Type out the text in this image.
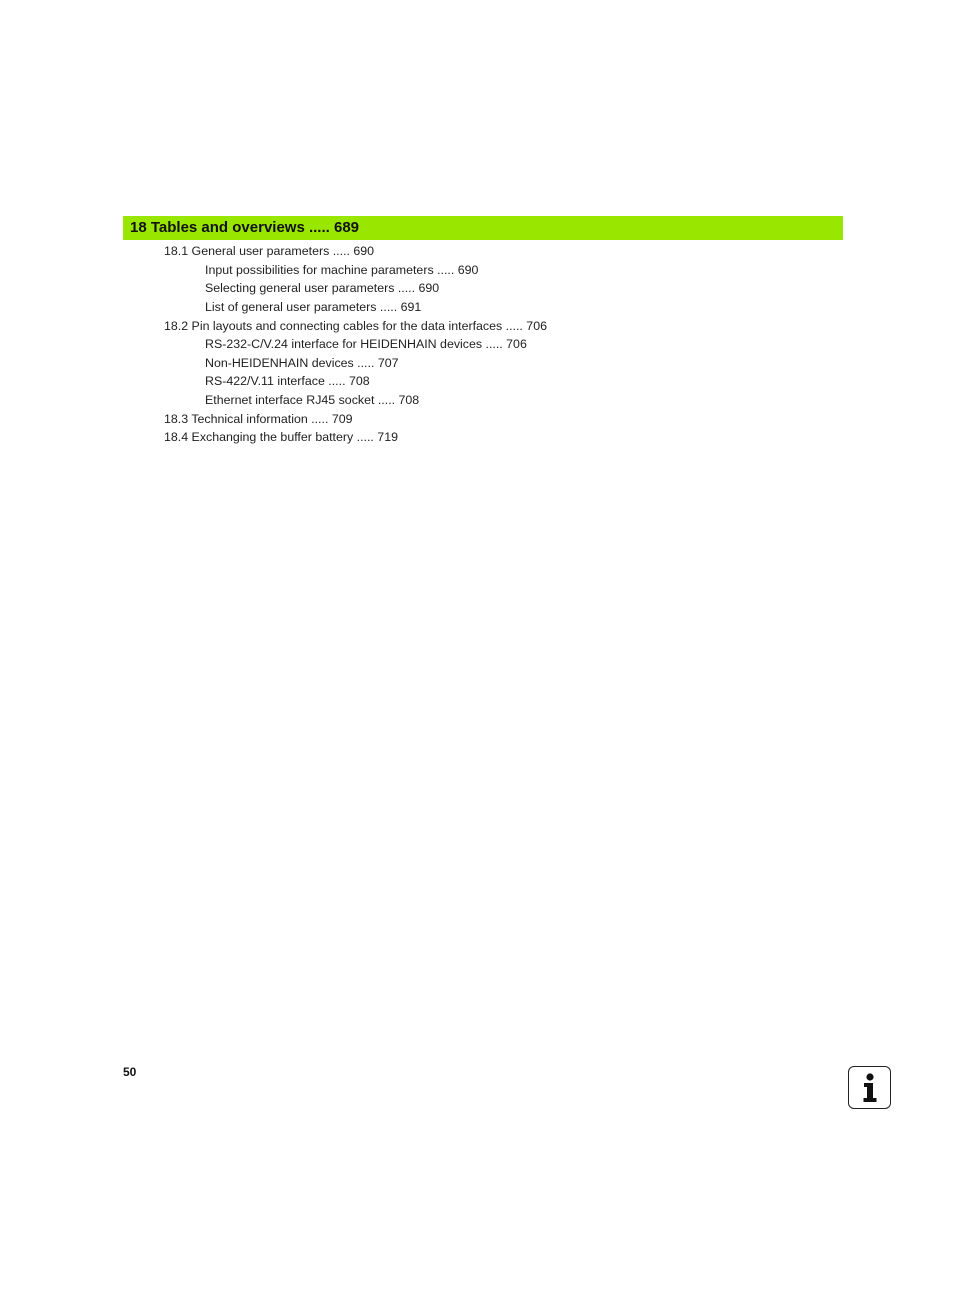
18 Tables and overviews ..... 689
18.1 General user parameters ..... 690
Input possibilities for machine parameters ..... 690
Selecting general user parameters ..... 690
List of general user parameters ..... 691
18.2 Pin layouts and connecting cables for the data interfaces ..... 706
RS-232-C/V.24 interface for HEIDENHAIN devices ..... 706
Non-HEIDENHAIN devices ..... 707
RS-422/V.11 interface ..... 708
Ethernet interface RJ45 socket ..... 708
18.3 Technical information ..... 709
18.4 Exchanging the buffer battery ..... 719
50
